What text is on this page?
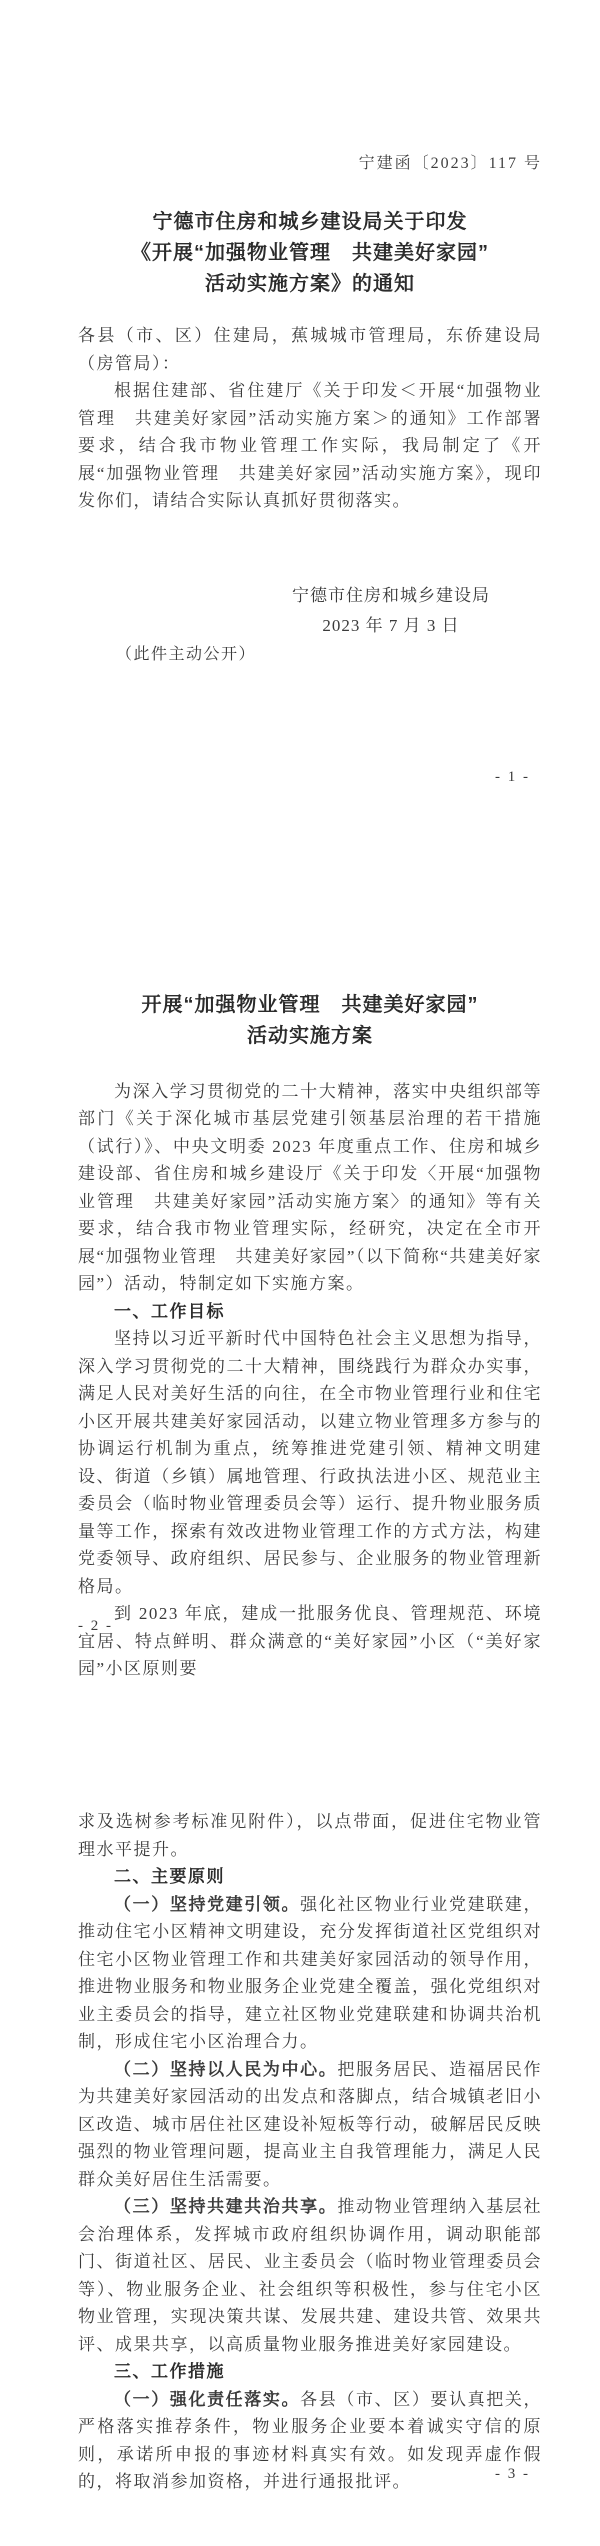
宁建函〔2023〕117 号
宁德市住房和城乡建设局关于印发
《开展“加强物业管理　共建美好家园”
活动实施方案》的通知
各县（市、区）住建局，蕉城城市管理局，东侨建设局（房管局）：
根据住建部、省住建厅《关于印发＜开展“加强物业管理　共建美好家园”活动实施方案＞的通知》工作部署要求，结合我市物业管理工作实际，我局制定了《开展“加强物业管理　共建美好家园”活动实施方案》，现印发你们，请结合实际认真抓好贯彻落实。
宁德市住房和城乡建设局
2023 年 7 月 3 日
（此件主动公开）
- 1 -
开展“加强物业管理　共建美好家园”
活动实施方案
为深入学习贯彻党的二十大精神，落实中央组织部等部门《关于深化城市基层党建引领基层治理的若干措施（试行）》、中央文明委 2023 年度重点工作、住房和城乡建设部、省住房和城乡建设厅《关于印发〈开展“加强物业管理　共建美好家园”活动实施方案〉的通知》等有关要求，结合我市物业管理实际，经研究，决定在全市开展“加强物业管理　共建美好家园”（以下简称“共建美好家园”）活动，特制定如下实施方案。
一、工作目标
坚持以习近平新时代中国特色社会主义思想为指导，深入学习贯彻党的二十大精神，围绕践行为群众办实事，满足人民对美好生活的向往，在全市物业管理行业和住宅小区开展共建美好家园活动，以建立物业管理多方参与的协调运行机制为重点，统筹推进党建引领、精神文明建设、街道（乡镇）属地管理、行政执法进小区、规范业主委员会（临时物业管理委员会等）运行、提升物业服务质量等工作，探索有效改进物业管理工作的方式方法，构建党委领导、政府组织、居民参与、企业服务的物业管理新格局。
到 2023 年底，建成一批服务优良、管理规范、环境宜居、特点鲜明、群众满意的“美好家园”小区（“美好家园”小区原则要
- 2 -
求及选树参考标准见附件），以点带面，促进住宅物业管理水平提升。
二、主要原则
（一）坚持党建引领。强化社区物业行业党建联建，推动住宅小区精神文明建设，充分发挥街道社区党组织对住宅小区物业管理工作和共建美好家园活动的领导作用，推进物业服务和物业服务企业党建全覆盖，强化党组织对业主委员会的指导，建立社区物业党建联建和协调共治机制，形成住宅小区治理合力。
（二）坚持以人民为中心。把服务居民、造福居民作为共建美好家园活动的出发点和落脚点，结合城镇老旧小区改造、城市居住社区建设补短板等行动，破解居民反映强烈的物业管理问题，提高业主自我管理能力，满足人民群众美好居住生活需要。
（三）坚持共建共治共享。推动物业管理纳入基层社会治理体系，发挥城市政府组织协调作用，调动职能部门、街道社区、居民、业主委员会（临时物业管理委员会等）、物业服务企业、社会组织等积极性，参与住宅小区物业管理，实现决策共谋、发展共建、建设共管、效果共评、成果共享，以高质量物业服务推进美好家园建设。
三、工作措施
（一）强化责任落实。各县（市、区）要认真把关，严格落实推荐条件，物业服务企业要本着诚实守信的原则，承诺所申报的事迹材料真实有效。如发现弄虚作假的，将取消参加资格，并进行通报批评。	- 3 -
